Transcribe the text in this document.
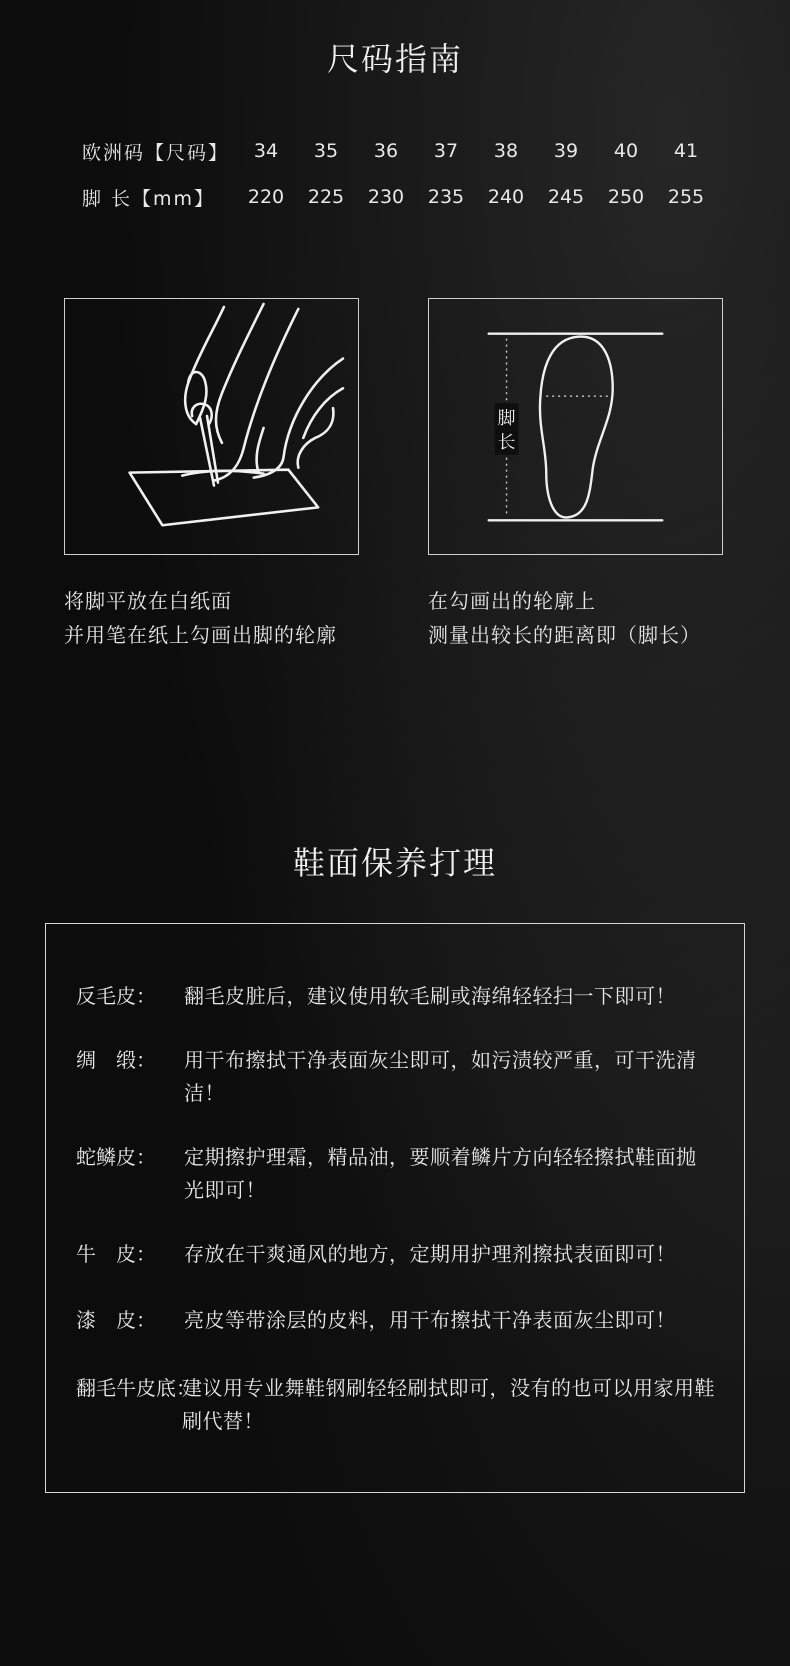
尺码指南
欧洲码【尺码】	34	35	36	37	38	39	40	41
脚 长【mm】	220	225	230	235	240	245	250	255
脚
长
将脚平放在白纸面
并用笔在纸上勾画出脚的轮廓
在勾画出的轮廓上
测量出较长的距离即（脚长）
鞋面保养打理
反毛皮： 翻毛皮脏后，建议使用软毛刷或海绵轻轻扫一下即可！
绸　缎： 用干布擦拭干净表面灰尘即可，如污渍较严重，可干洗清洁！
蛇鳞皮： 定期擦护理霜，精品油，要顺着鳞片方向轻轻擦拭鞋面抛光即可！
牛　皮： 存放在干爽通风的地方，定期用护理剂擦拭表面即可！
漆　皮： 亮皮等带涂层的皮料，用干布擦拭干净表面灰尘即可！
翻毛牛皮底：
建议用专业舞鞋钢刷轻轻刷拭即可，没有的也可以用家用鞋刷代替！
